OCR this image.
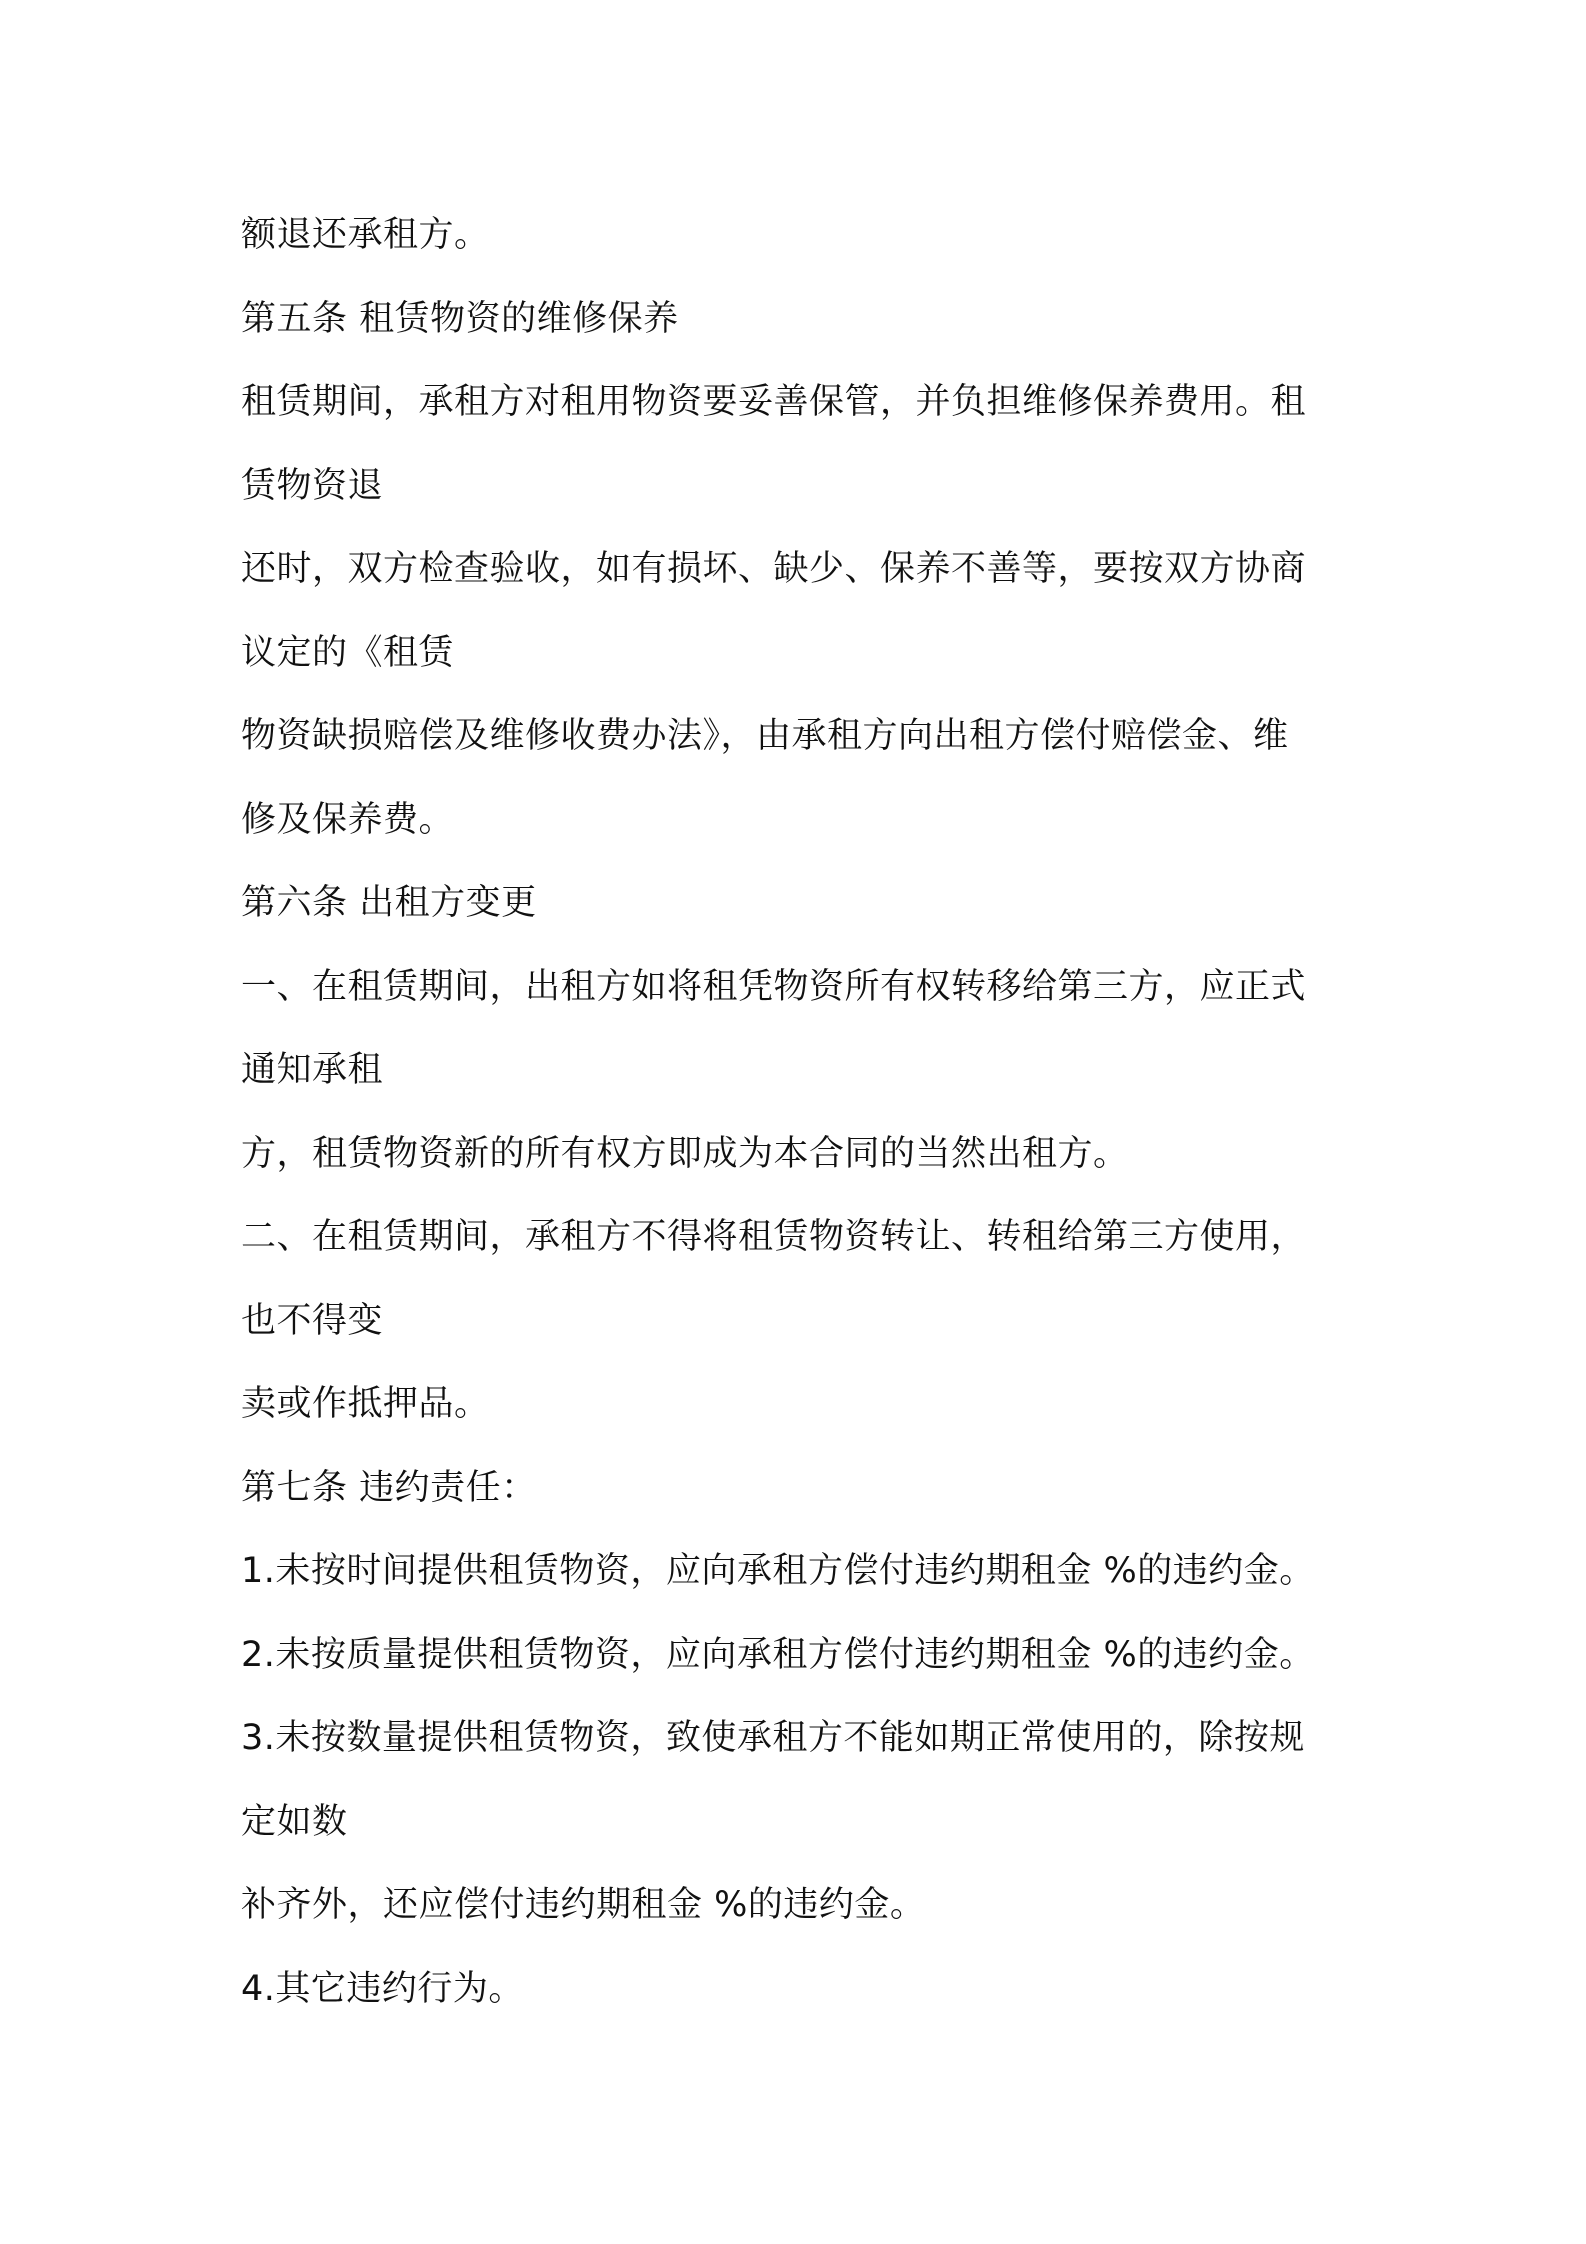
额退还承租方。
第五条 租赁物资的维修保养
租赁期间，承租方对租用物资要妥善保管，并负担维修保养费用。租
赁物资退
还时，双方检查验收，如有损坏、缺少、保养不善等，要按双方协商
议定的《租赁
物资缺损赔偿及维修收费办法》，由承租方向出租方偿付赔偿金、维
修及保养费。
第六条 出租方变更
一、在租赁期间，出租方如将租凭物资所有权转移给第三方，应正式
通知承租
方，租赁物资新的所有权方即成为本合同的当然出租方。
二、在租赁期间，承租方不得将租赁物资转让、转租给第三方使用，
也不得变
卖或作抵押品。
第七条 违约责任：
1.未按时间提供租赁物资，应向承租方偿付违约期租金 %的违约金。
2.未按质量提供租赁物资，应向承租方偿付违约期租金 %的违约金。
3.未按数量提供租赁物资，致使承租方不能如期正常使用的，除按规
定如数
补齐外，还应偿付违约期租金 %的违约金。
4.其它违约行为。
